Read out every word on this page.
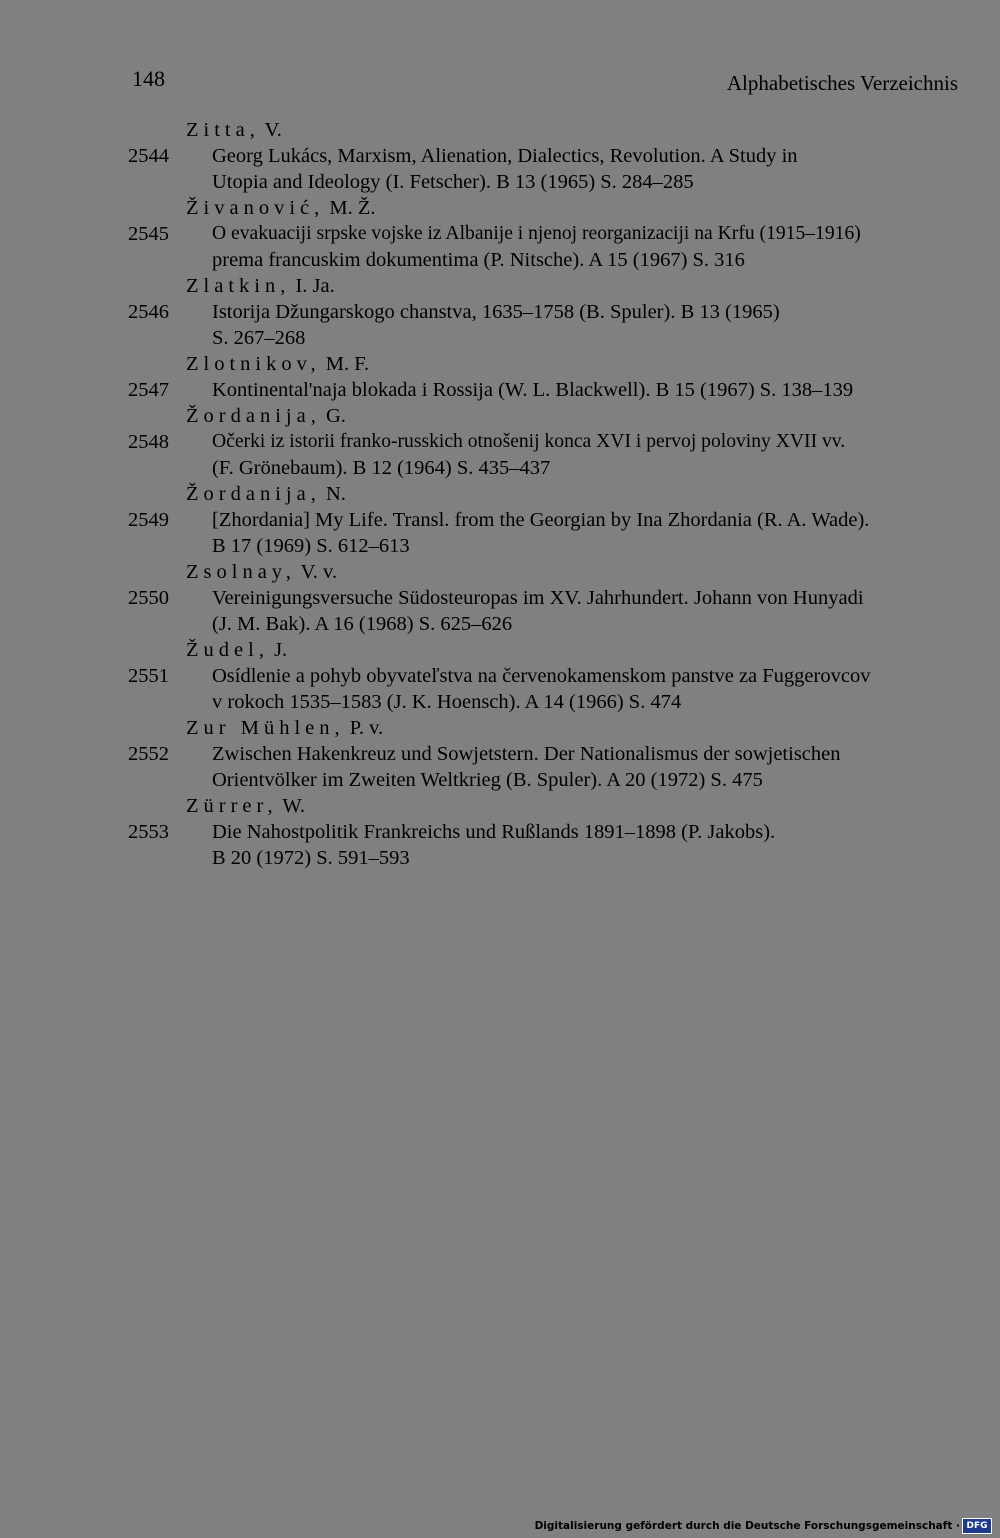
148	Alphabetisches Verzeichnis
Zitta, V.
2544	Georg Lukács, Marxism, Alienation, Dialectics, Revolution. A Study in
Utopia and Ideology (I. Fetscher). B 13 (1965) S. 284–285
Živanović, M. Ž.
2545	O evakuaciji srpske vojske iz Albanije i njenoj reorganizaciji na Krfu (1915–1916)
prema francuskim dokumentima (P. Nitsche). A 15 (1967) S. 316
Zlatkin, I. Ja.
2546	Istorija Džungarskogo chanstva, 1635–1758 (B. Spuler). B 13 (1965)
S. 267–268
Zlotnikov, M. F.
2547	Kontinental'naja blokada i Rossija (W. L. Blackwell). B 15 (1967) S. 138–139
Žordanija, G.
2548	Očerki iz istorii franko-russkich otnošenij konca XVI i pervoj poloviny XVII vv.
(F. Grönebaum). B 12 (1964) S. 435–437
Žordanija, N.
2549	[Zhordania] My Life. Transl. from the Georgian by Ina Zhordania (R. A. Wade).
B 17 (1969) S. 612–613
Zsolnay, V. v.
2550	Vereinigungsversuche Südosteuropas im XV. Jahrhundert. Johann von Hunyadi
(J. M. Bak). A 16 (1968) S. 625–626
Žudel, J.
2551	Osídlenie a pohyb obyvateľstva na červenokamenskom panstve za Fuggerovcov
v rokoch 1535–1583 (J. K. Hoensch). A 14 (1966) S. 474
Zur Mühlen, P. v.
2552	Zwischen Hakenkreuz und Sowjetstern. Der Nationalismus der sowjetischen
Orientvölker im Zweiten Weltkrieg (B. Spuler). A 20 (1972) S. 475
Zürrer, W.
2553	Die Nahostpolitik Frankreichs und Rußlands 1891–1898 (P. Jakobs).
B 20 (1972) S. 591–593
Digitalisierung gefördert durch die Deutsche Forschungsgemeinschaft · DFG
